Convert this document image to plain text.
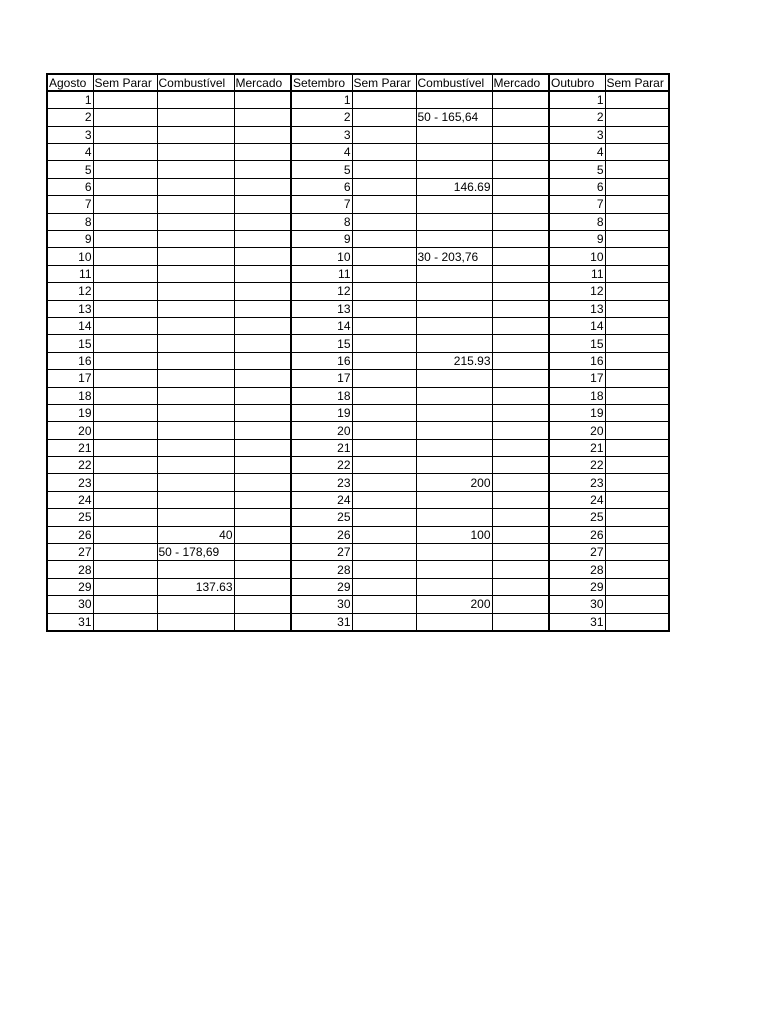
Agosto	Sem Parar	Combustível	Mercado	Setembro	Sem Parar	Combustível	Mercado	Outubro	Sem Parar
1				1				1	
2				2		50 - 165,64		2	
3				3				3	
4				4				4	
5				5				5	
6				6		146.69		6	
7				7				7	
8				8				8	
9				9				9	
10				10		30 - 203,76		10	
11				11				11	
12				12				12	
13				13				13	
14				14				14	
15				15				15	
16				16		215.93		16	
17				17				17	
18				18				18	
19				19				19	
20				20				20	
21				21				21	
22				22				22	
23				23		200		23	
24				24				24	
25				25				25	
26		40		26		100		26	
27		50 - 178,69		27				27	
28				28				28	
29		137.63		29				29	
30				30		200		30	
31				31				31	
